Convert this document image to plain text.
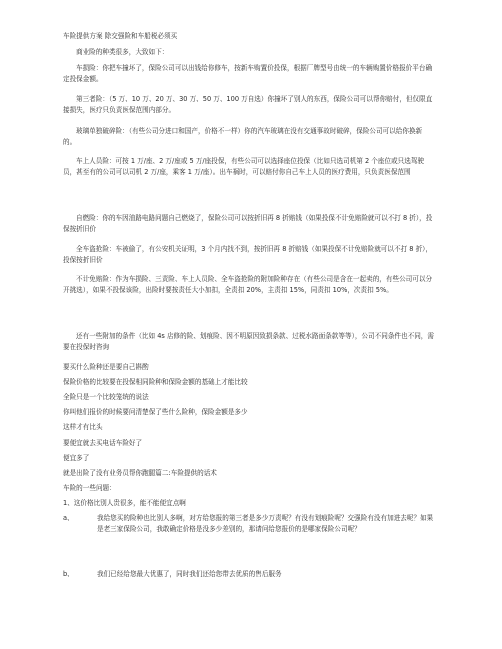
车险提供方案 除交强险和车船税必须买

商业险的种类很多，大致如下：

车损险：你把车撞坏了，保险公司可以出钱给你修车，按新车购置价投保，根据厂牌型号由统一的车辆购置价格报价平台确定投保金额。

第三者险：（5 万、10 万、20 万、30 万、50 万、100 万自选）你撞坏了别人的东西，保险公司可以帮你赔付，但仅限直接损失，医疗只负责医保范围内部分。

玻璃单独破碎险：（有些公司分进口和国产，价格不一样）你的汽车玻璃在没有交通事故时破碎，保险公司可以给你换新的。

车上人员险：可按 1 万/座、2 万/座或 5 万/座投保，有些公司可以选择座位投保（比如只选司机第 2 个座位或只选驾驶员，甚至有的公司可以司机 2 万/座，乘客 1 万/座）。出车祸时，可以赔付你自己车上人员的医疗费用，只负责医保范围

自燃险：你的车因油路电路问题自己燃烧了，保险公司可以按折旧再 8 折赔钱（如果投保不计免赔险就可以不打 8 折），投保按折旧价

全车盗抢险：车被偷了，有公安机关证明，3 个月内找不到，按折旧再 8 折赔钱（如果投保不计免赔险就可以不打 8 折），投保按折旧价

不计免赔险：作为车损险、三责险、车上人员险、全车盗抢险的附加险种存在（有些公司是含在一起卖的，有些公司可以分开挑选），如果不投保该险，出险时要按责任大小加扣，全责扣 20%，主责扣 15%，同责扣 10%，次责扣 5%。

还有一些附加的条件（比如 4s 店修的险、划痕险、因不明原因致损条款、过税水路面条款等等），公司不同条件也不同，需要在投保时咨询

要买什么险种还是要自己斟酌

保险价格的比较要在投保相同险种和保险金额的基础上才能比较

全险只是一个比较笼统的说法

你叫他们报价的时候要问清楚保了些什么险种，保险金额是多少

这样才有比头

要便宜就去买电话车险好了

便宜多了

就是出险了没有业务员帮你跑腿篇二:车险提供的话术

车险的一些问题：

1、这价格比别人贵很多，能不能便宜点啊

a、	我给您买的险种也比别人多啊，对方给您报的第三者是多少万责呢？有没有划痕险呢？交强险有没有加进去呢？如果是老三家保险公司，我敢确定价格是没多少差别的，那请问给您报价的是哪家保险公司呢？

b、	我们已经给您最大优惠了，同时我们还给您带去优质的售后服务
